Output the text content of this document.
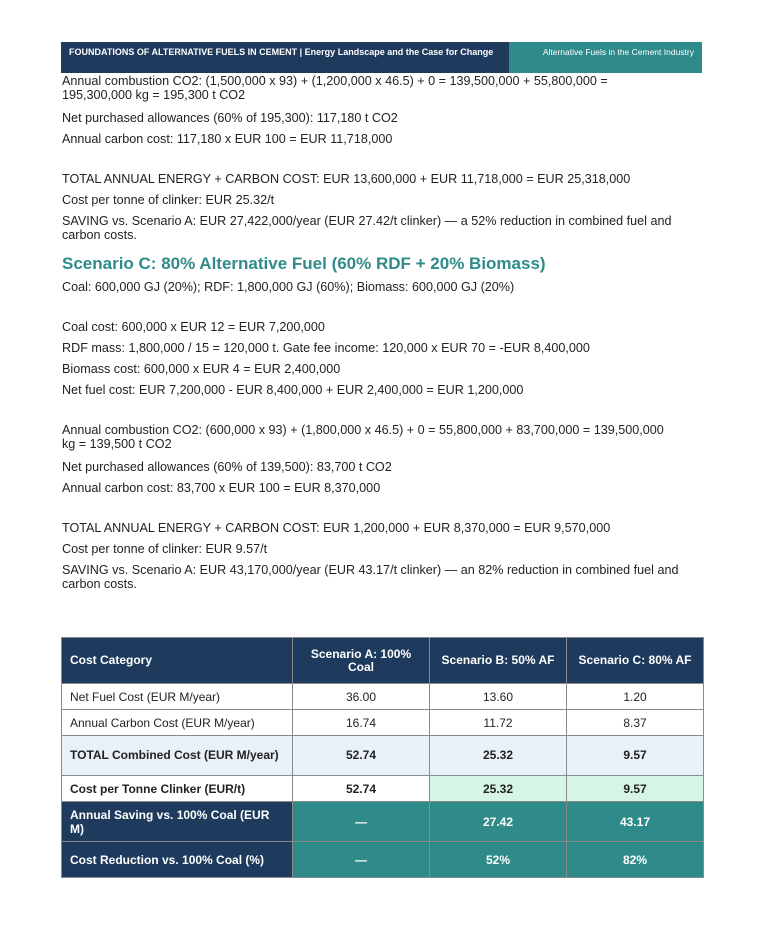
FOUNDATIONS OF ALTERNATIVE FUELS IN CEMENT | Energy Landscape and the Case for Change	Alternative Fuels in the Cement Industry

Annual combustion CO2: (1,500,000 x 93) + (1,200,000 x 46.5) + 0 = 139,500,000 + 55,800,000 = 195,300,000 kg = 195,300 t CO2

Net purchased allowances (60% of 195,300): 117,180 t CO2

Annual carbon cost: 117,180 x EUR 100 = EUR 11,718,000

TOTAL ANNUAL ENERGY + CARBON COST: EUR 13,600,000 + EUR 11,718,000 = EUR 25,318,000

Cost per tonne of clinker: EUR 25.32/t

SAVING vs. Scenario A: EUR 27,422,000/year (EUR 27.42/t clinker) — a 52% reduction in combined fuel and carbon costs.

Scenario C: 80% Alternative Fuel (60% RDF + 20% Biomass)

Coal: 600,000 GJ (20%); RDF: 1,800,000 GJ (60%); Biomass: 600,000 GJ (20%)

Coal cost: 600,000 x EUR 12 = EUR 7,200,000

RDF mass: 1,800,000 / 15 = 120,000 t. Gate fee income: 120,000 x EUR 70 = -EUR 8,400,000

Biomass cost: 600,000 x EUR 4 = EUR 2,400,000

Net fuel cost: EUR 7,200,000 - EUR 8,400,000 + EUR 2,400,000 = EUR 1,200,000

Annual combustion CO2: (600,000 x 93) + (1,800,000 x 46.5) + 0 = 55,800,000 + 83,700,000 = 139,500,000 kg = 139,500 t CO2

Net purchased allowances (60% of 139,500): 83,700 t CO2

Annual carbon cost: 83,700 x EUR 100 = EUR 8,370,000

TOTAL ANNUAL ENERGY + CARBON COST: EUR 1,200,000 + EUR 8,370,000 = EUR 9,570,000

Cost per tonne of clinker: EUR 9.57/t

SAVING vs. Scenario A: EUR 43,170,000/year (EUR 43.17/t clinker) — an 82% reduction in combined fuel and carbon costs.

Cost Category	Scenario A: 100% Coal	Scenario B: 50% AF	Scenario C: 80% AF
Net Fuel Cost (EUR M/year)	36.00	13.60	1.20
Annual Carbon Cost (EUR M/year)	16.74	11.72	8.37
TOTAL Combined Cost (EUR M/year)	52.74	25.32	9.57
Cost per Tonne Clinker (EUR/t)	52.74	25.32	9.57
Annual Saving vs. 100% Coal (EUR M)	—	27.42	43.17
Cost Reduction vs. 100% Coal (%)	—	52%	82%
